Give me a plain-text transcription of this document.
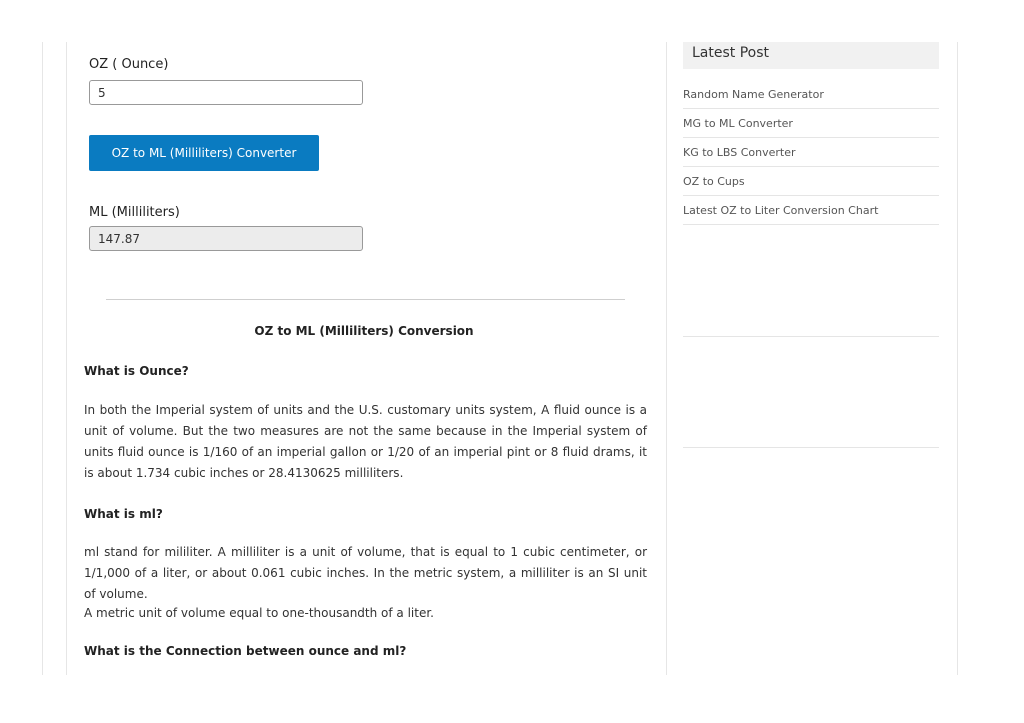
OZ ( Ounce)
5
OZ to ML (Milliliters) Converter
ML (Milliliters)
147.87
OZ to ML (Milliliters) Conversion
What is Ounce?
In both the Imperial system of units and the U.S. customary units system, A fluid ounce is a unit of volume. But the two measures are not the same because in the Imperial system of units fluid ounce is 1/160 of an imperial gallon or 1/20 of an imperial pint or 8 fluid drams, it is about 1.734 cubic inches or 28.4130625 milliliters.
What is ml?
ml stand for mililiter. A milliliter is a unit of volume, that is equal to 1 cubic centimeter, or 1/1,000 of a liter, or about 0.061 cubic inches. In the metric system, a milliliter is an SI unit of volume.
A metric unit of volume equal to one-thousandth of a liter.
What is the Connection between ounce and ml?
Latest Post
Random Name Generator
MG to ML Converter
KG to LBS Converter
OZ to Cups
Latest OZ to Liter Conversion Chart
